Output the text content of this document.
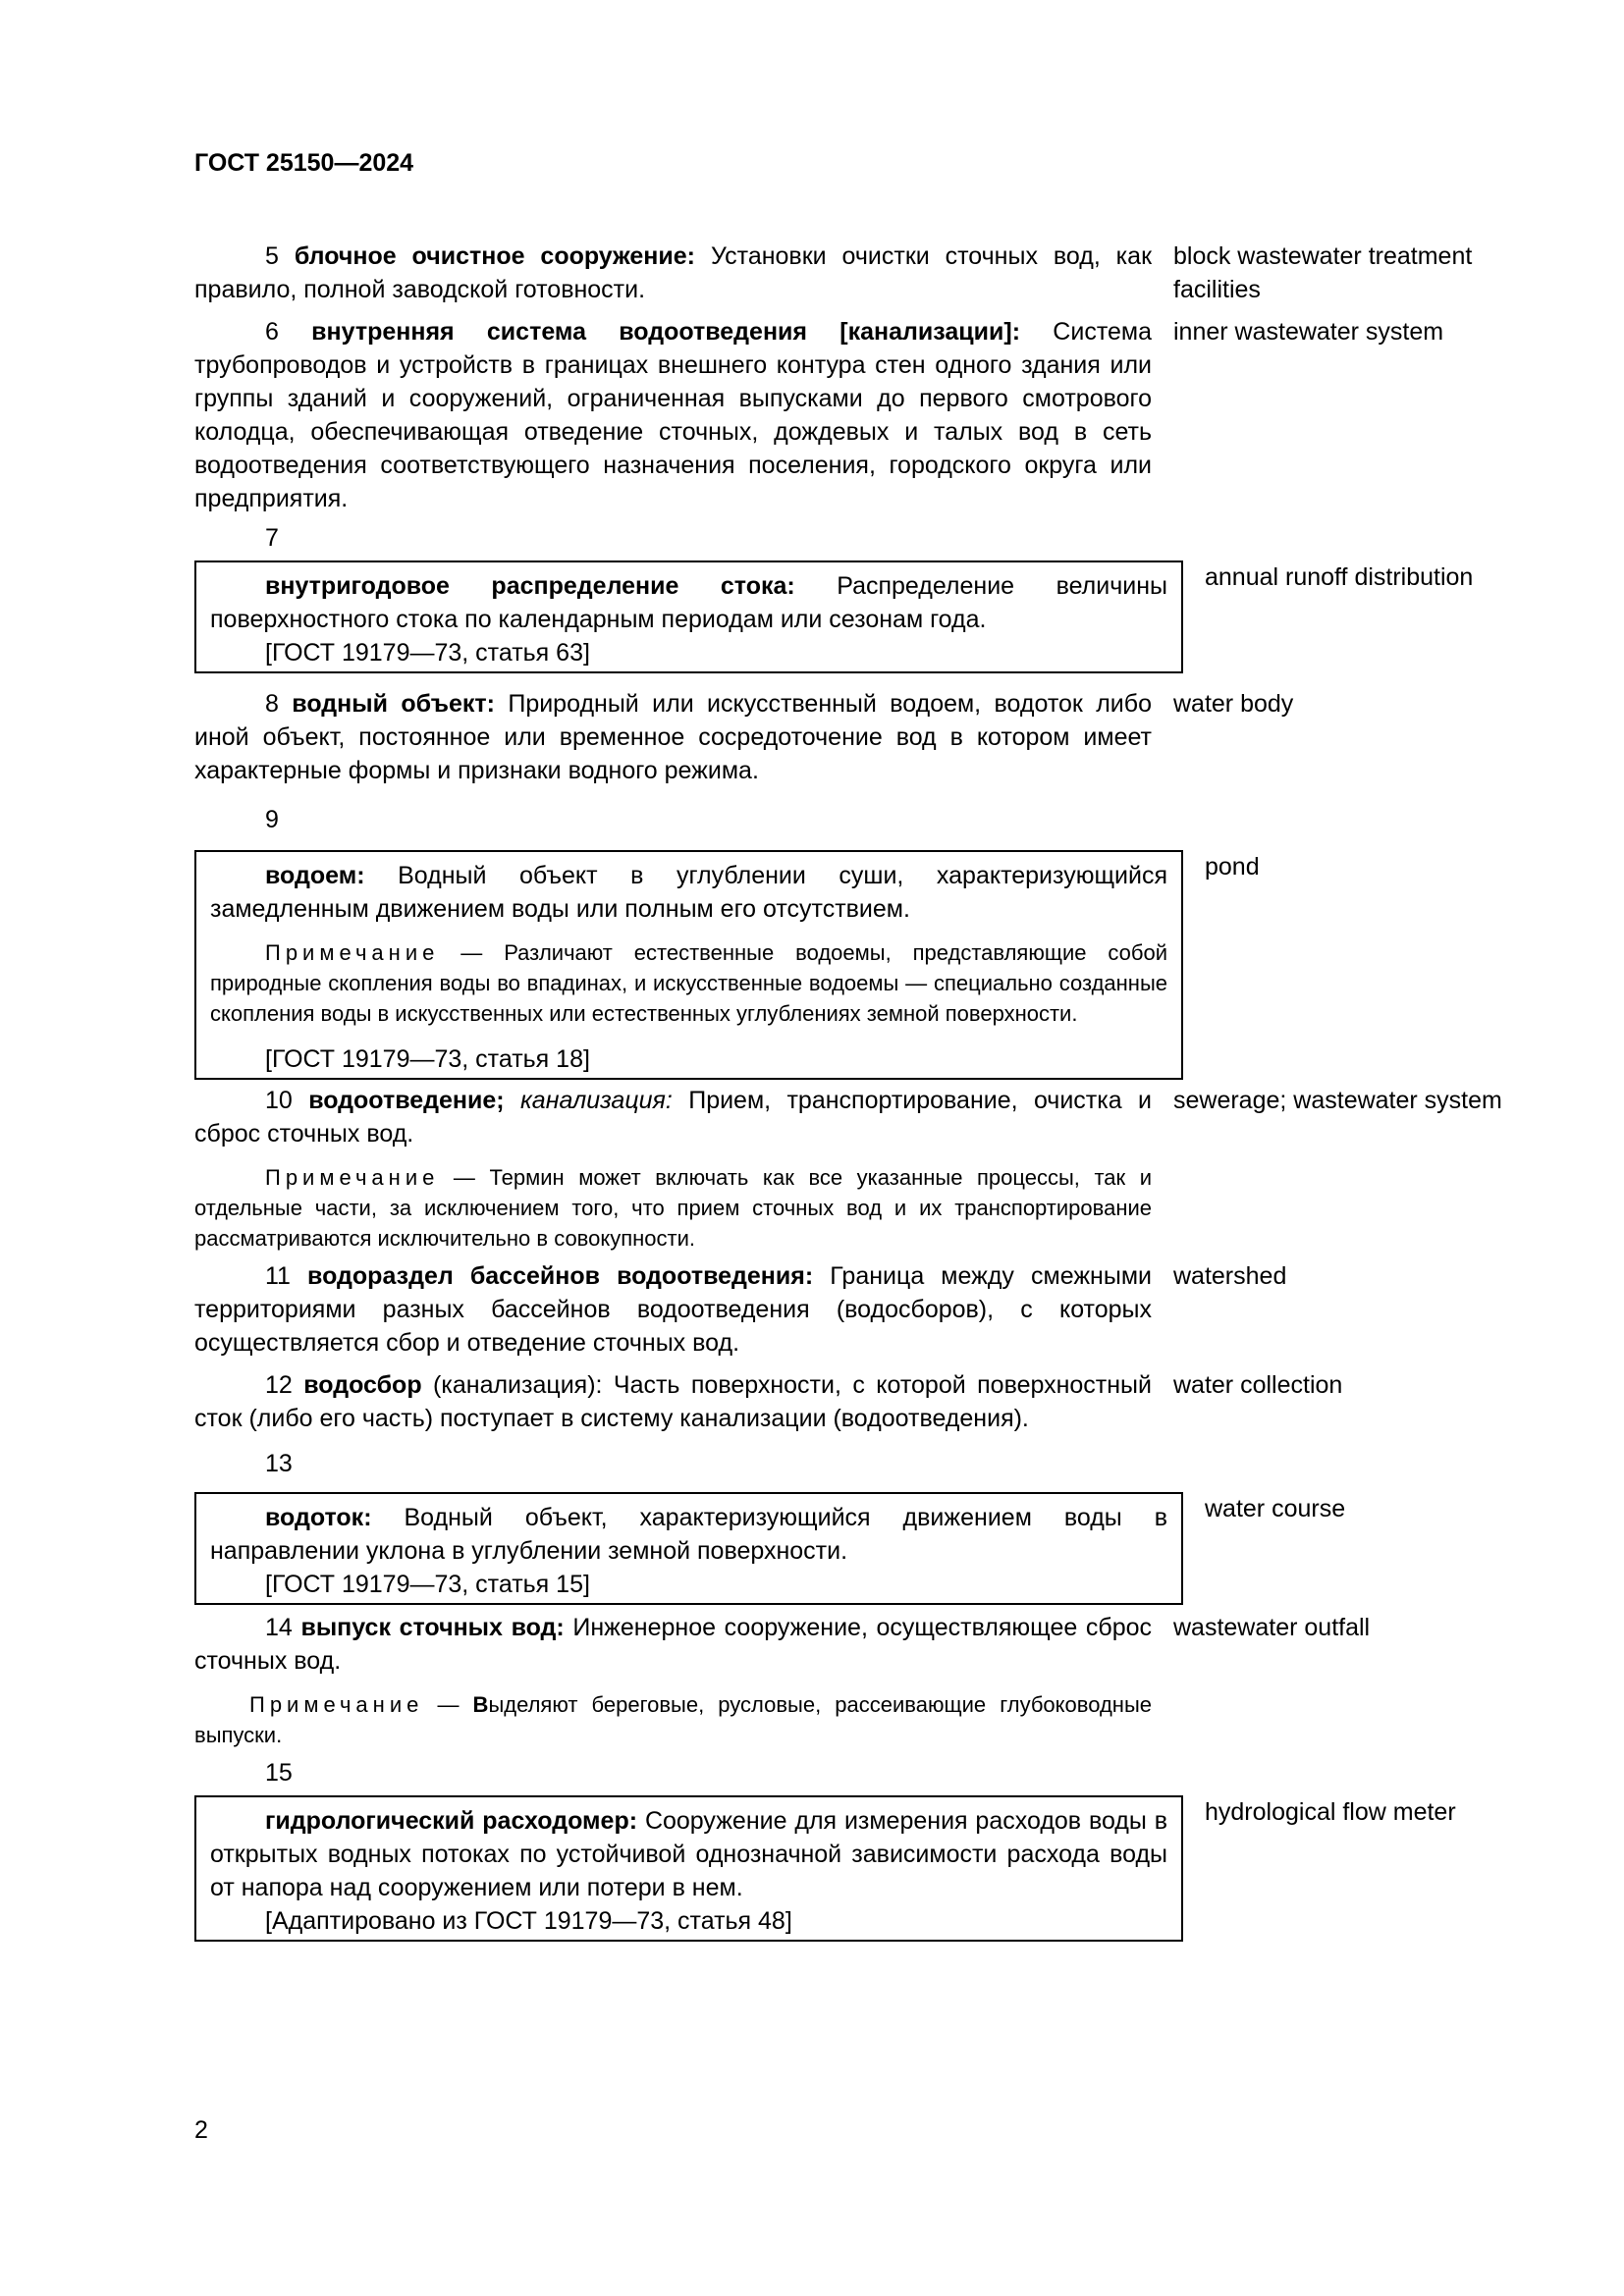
ГОСТ 25150—2024

5 блочное очистное сооружение: Установки очистки сточных вод, как правило, полной заводской готовности.

block wastewater treatment facilities

6 внутренняя система водоотведения [канализации]: Система трубопроводов и устройств в границах внешнего контура стен одного здания или группы зданий и сооружений, ограниченная выпусками до первого смотрового колодца, обеспечивающая отведение сточных, дождевых и талых вод в сеть водоотведения соответствующего назначения поселения, городского округа или предприятия.

inner wastewater system
7

внутригодовое распределение стока: Распределение величины поверхностного стока по календарным периодам или сезонам года.

[ГОСТ 19179—73, статья 63]

annual runoff distribution

8 водный объект: Природный или искусственный водоем, водоток либо иной объект, постоянное или временное сосредоточение вод в котором имеет характерные формы и признаки водного режима.

water body
9

водоем: Водный объект в углублении суши, характеризующийся замедленным движением воды или полным его отсутствием.

Примечание — Различают естественные водоемы, представляющие собой природные скопления воды во впадинах, и искусственные водоемы — специально созданные скопления воды в искусственных или естественных углублениях земной поверхности.

[ГОСТ 19179—73, статья 18]

pond

10 водоотведение; канализация: Прием, транспортирование, очистка и сброс сточных вод.

Примечание — Термин может включать как все указанные процессы, так и отдельные части, за исключением того, что прием сточных вод и их транспортирование рассматриваются исключительно в совокупности.

sewerage; wastewater system

11 водораздел бассейнов водоотведения: Граница между смежными территориями разных бассейнов водоотведения (водосборов), с которых осуществляется сбор и отведение сточных вод.

watershed

12 водосбор (канализация): Часть поверхности, с которой поверхностный сток (либо его часть) поступает в систему канализации (водоотведения).

water collection
13

водоток: Водный объект, характеризующийся движением воды в направлении уклона в углублении земной поверхности.

[ГОСТ 19179—73, статья 15]

water course

14 выпуск сточных вод: Инженерное сооружение, осуществляющее сброс сточных вод.

Примечание — Выделяют береговые, русловые, рассеивающие глубоководные выпуски.

wastewater outfall
15

гидрологический расходомер: Сооружение для измерения расходов воды в открытых водных потоках по устойчивой однозначной зависимости расхода воды от напора над сооружением или потери в нем.

[Адаптировано из ГОСТ 19179—73, статья 48]

hydrological flow meter

2
